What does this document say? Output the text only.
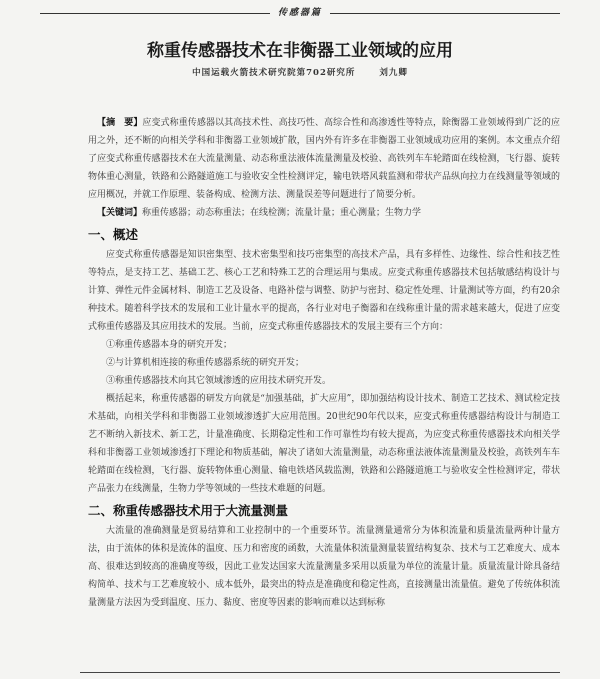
传感器篇
称重传感器技术在非衡器工业领域的应用
中国运载火箭技术研究院第702研究所	刘九卿

【摘　要】应变式称重传感器以其高技术性、高技巧性、高综合性和高渗透性等特点，除衡器工业领域得到广泛的应用之外，还不断的向相关学科和非衡器工业领域扩散，国内外有许多在非衡器工业领域成功应用的案例。本文重点介绍了应变式称重传感器技术在大流量测量、动态称重法液体流量测量及校验、高铁列车车轮踏面在线检测，飞行器、旋转物体重心测量，铁路和公路隧道施工与验收安全性检测评定，输电铁塔风载监测和带状产品纵向拉力在线测量等领域的应用概况，并就工作原理、装备构成、检测方法、测量误差等问题进行了简要分析。

【关键词】称重传感器；动态称重法；在线检测；流量计量；重心测量；生物力学

一、概述

应变式称重传感器是知识密集型、技术密集型和技巧密集型的高技术产品，具有多样性、边缘性、综合性和技艺性等特点，是支持工艺、基础工艺、核心工艺和特殊工艺的合理运用与集成。应变式称重传感器技术包括敏感结构设计与计算、弹性元件金属材料、制造工艺及设备、电路补偿与调整、防护与密封、稳定性处理、计量测试等方面，约有20余种技术。随着科学技术的发展和工业计量水平的提高，各行业对电子衡器和在线称重计量的需求越来越大，促进了应变式称重传感器及其应用技术的发展。当前，应变式称重传感器技术的发展主要有三个方向：

①称重传感器本身的研究开发；

②与计算机相连接的称重传感器系统的研究开发；

③称重传感器技术向其它领域渗透的应用技术研究开发。

概括起来，称重传感器的研发方向就是“加强基础，扩大应用”，即加强结构设计技术、制造工艺技术、测试检定技术基础，向相关学科和非衡器工业领域渗透扩大应用范围。20世纪90年代以来，应变式称重传感器结构设计与制造工艺不断纳入新技术、新工艺，计量准确度、长期稳定性和工作可靠性均有较大提高，为应变式称重传感器技术向相关学科和非衡器工业领域渗透打下理论和物质基础，解决了诸如大流量测量，动态称重法液体流量测量及校验，高铁列车车轮踏面在线检测，飞行器、旋转物体重心测量、输电铁塔风载监测，铁路和公路隧道施工与验收安全性检测评定，带状产品张力在线测量，生物力学等领域的一些技术难题的问题。

二、称重传感器技术用于大流量测量

大流量的准确测量是贸易结算和工业控制中的一个重要环节。流量测量通常分为体积流量和质量流量两种计量方法，由于流体的体积是流体的温度、压力和密度的函数，大流量体积流量测量装置结构复杂、技术与工艺难度大、成本高、很难达到较高的准确度等级，因此工业发达国家大流量测量多采用以质量为单位的流量计量。质量流量计除具备结构简单、技术与工艺难度较小、成本低外，最突出的特点是准确度和稳定性高，直接测量出流量值。避免了传统体积流量测量方法因为受到温度、压力、黏度、密度等因素的影响而难以达到标称
